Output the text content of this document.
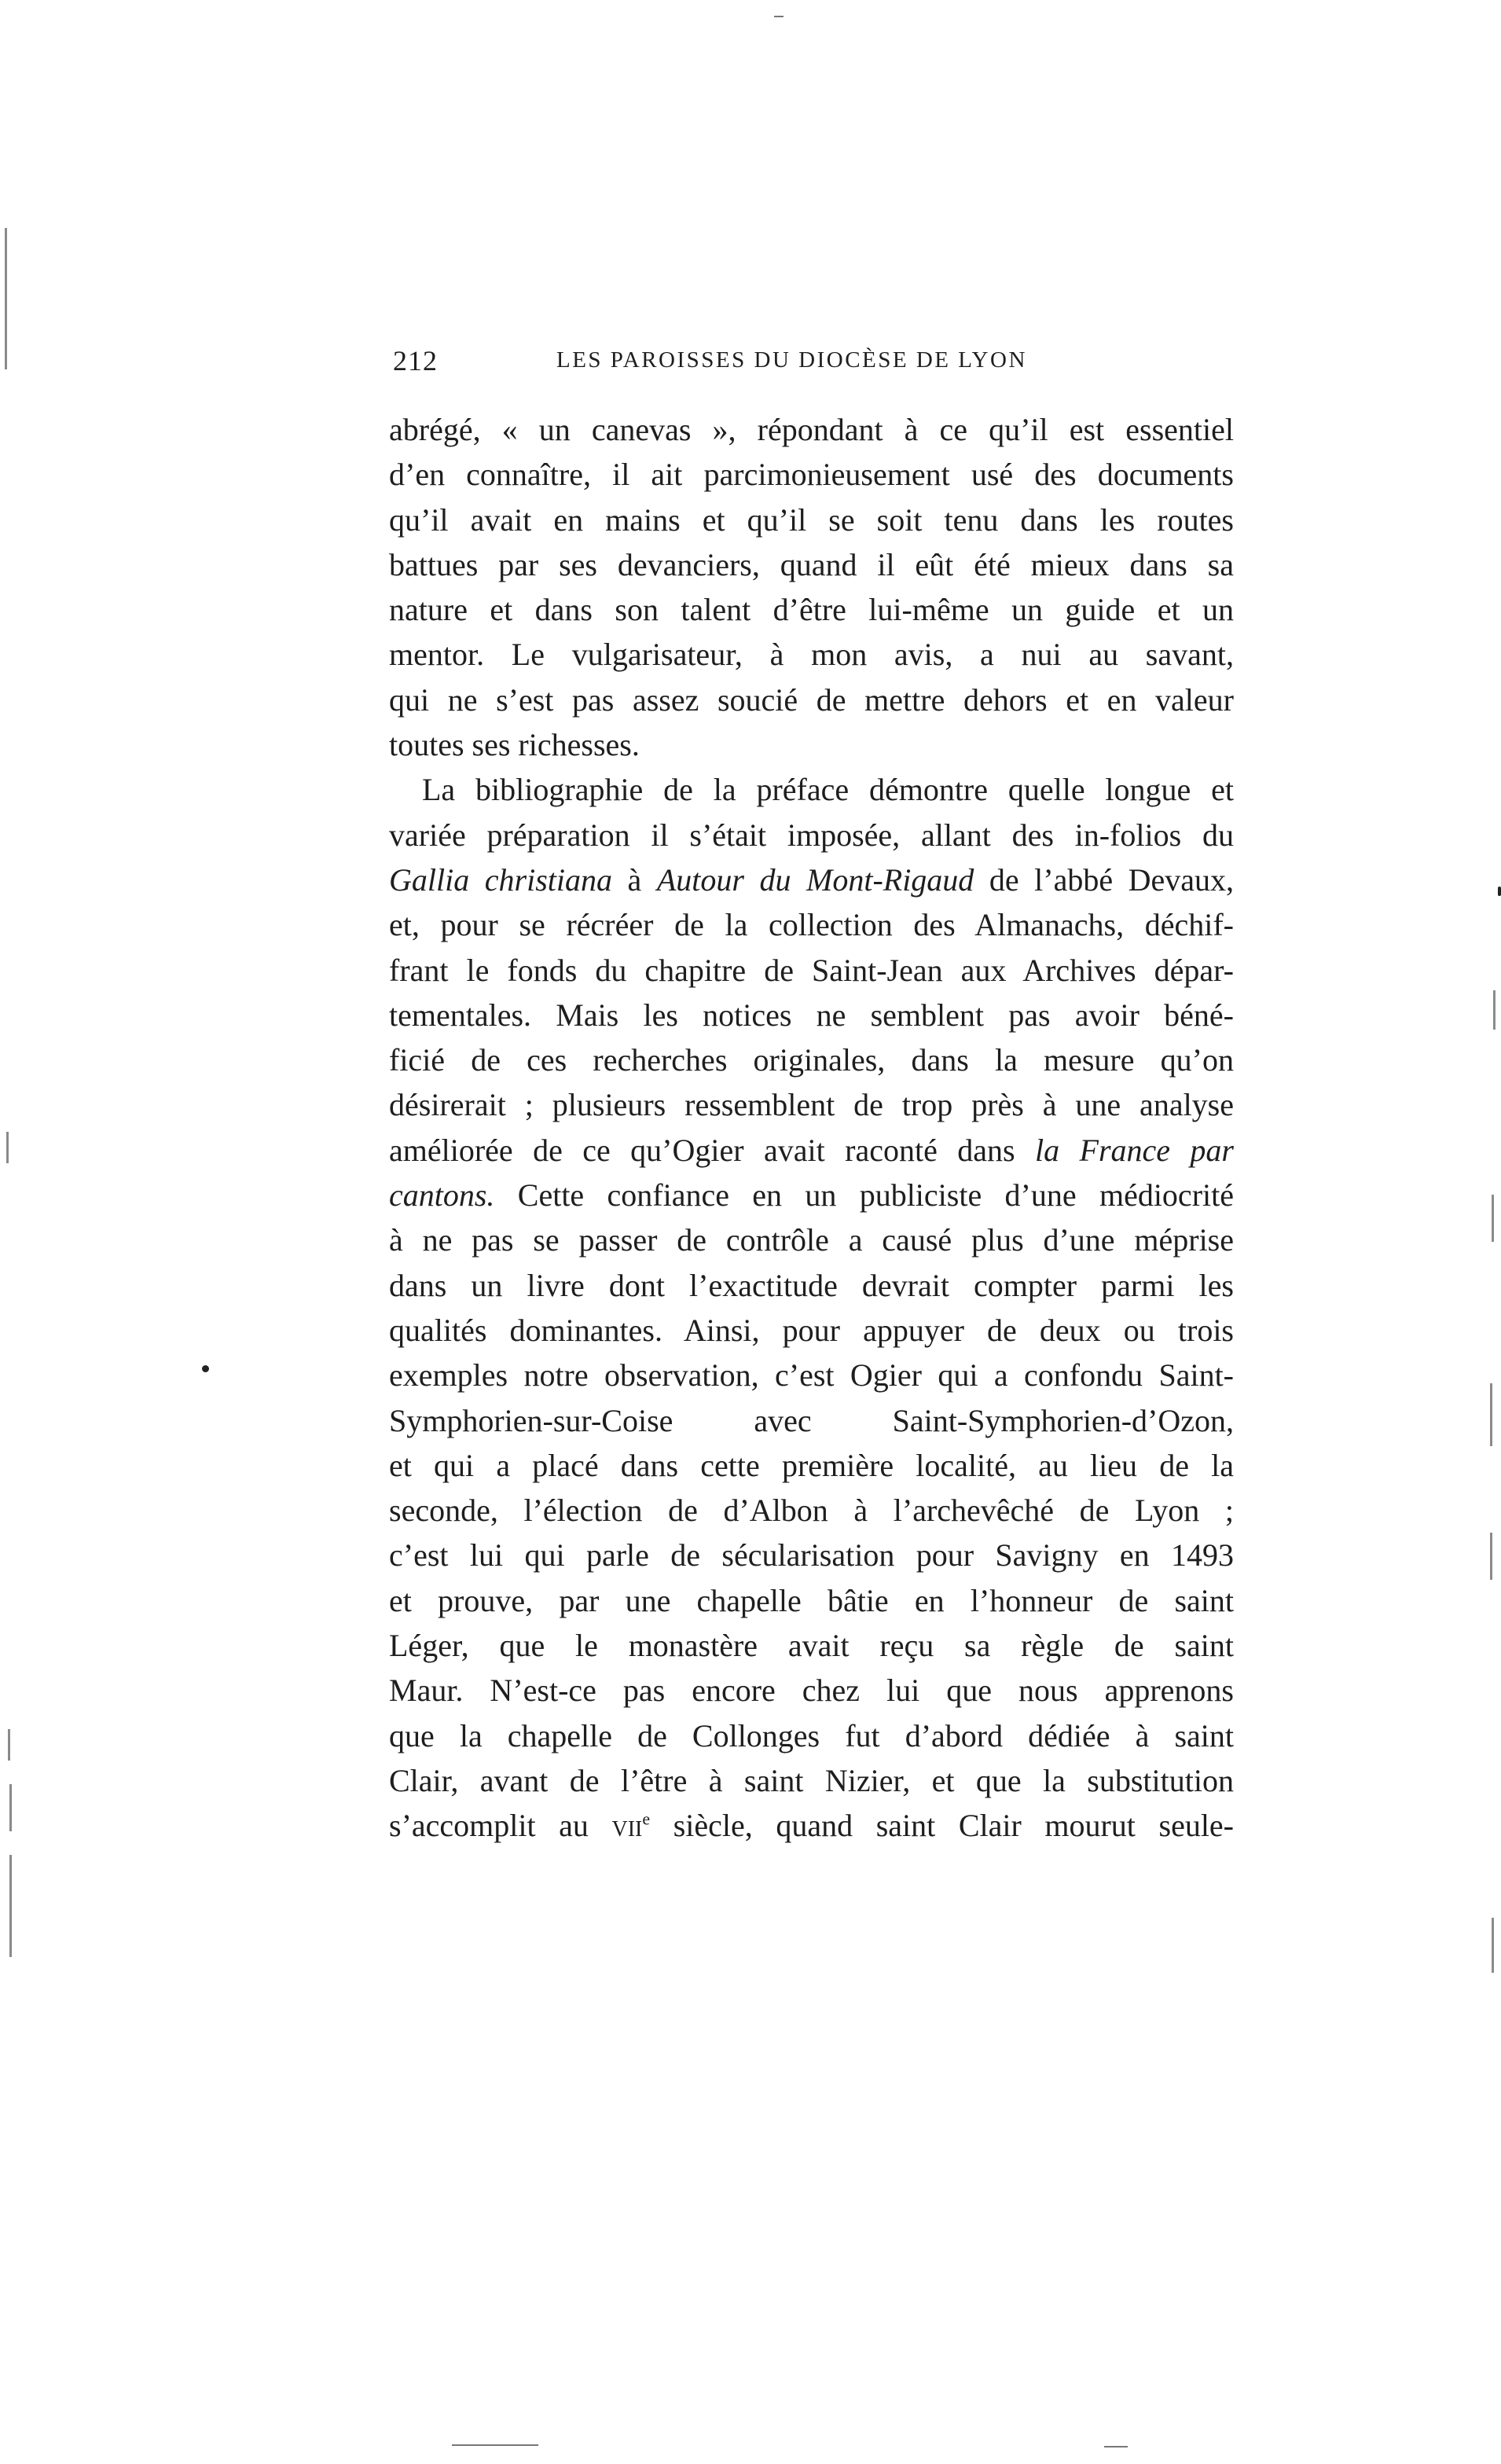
212	LES PAROISSES DU DIOCÈSE DE LYON
abrégé, « un canevas », répondant à ce qu’il est essentiel
d’en connaître, il ait parcimonieusement usé des documents
qu’il avait en mains et qu’il se soit tenu dans les routes
battues par ses devanciers, quand il eût été mieux dans sa
nature et dans son talent d’être lui-même un guide et un
mentor. Le vulgarisateur, à mon avis, a nui au savant,
qui ne s’est pas assez soucié de mettre dehors et en valeur
toutes ses richesses.
La bibliographie de la préface démontre quelle longue et
variée préparation il s’était imposée, allant des in-folios du
Gallia christiana à Autour du Mont-Rigaud de l’abbé Devaux,
et, pour se récréer de la collection des Almanachs, déchif-
frant le fonds du chapitre de Saint-Jean aux Archives dépar-
tementales. Mais les notices ne semblent pas avoir béné-
ficié de ces recherches originales, dans la mesure qu’on
désirerait ; plusieurs ressemblent de trop près à une analyse
améliorée de ce qu’Ogier avait raconté dans la France par
cantons. Cette confiance en un publiciste d’une médiocrité
à ne pas se passer de contrôle a causé plus d’une méprise
dans un livre dont l’exactitude devrait compter parmi les
qualités dominantes. Ainsi, pour appuyer de deux ou trois
exemples notre observation, c’est Ogier qui a confondu Saint-
Symphorien-sur-Coise avec Saint-Symphorien-d’Ozon,
et qui a placé dans cette première localité, au lieu de la
seconde, l’élection de d’Albon à l’archevêché de Lyon ;
c’est lui qui parle de sécularisation pour Savigny en 1493
et prouve, par une chapelle bâtie en l’honneur de saint
Léger, que le monastère avait reçu sa règle de saint
Maur. N’est-ce pas encore chez lui que nous apprenons
que la chapelle de Collonges fut d’abord dédiée à saint
Clair, avant de l’être à saint Nizier, et que la substitution
s’accomplit au vii$^e$ siècle, quand saint Clair mourut seule-
